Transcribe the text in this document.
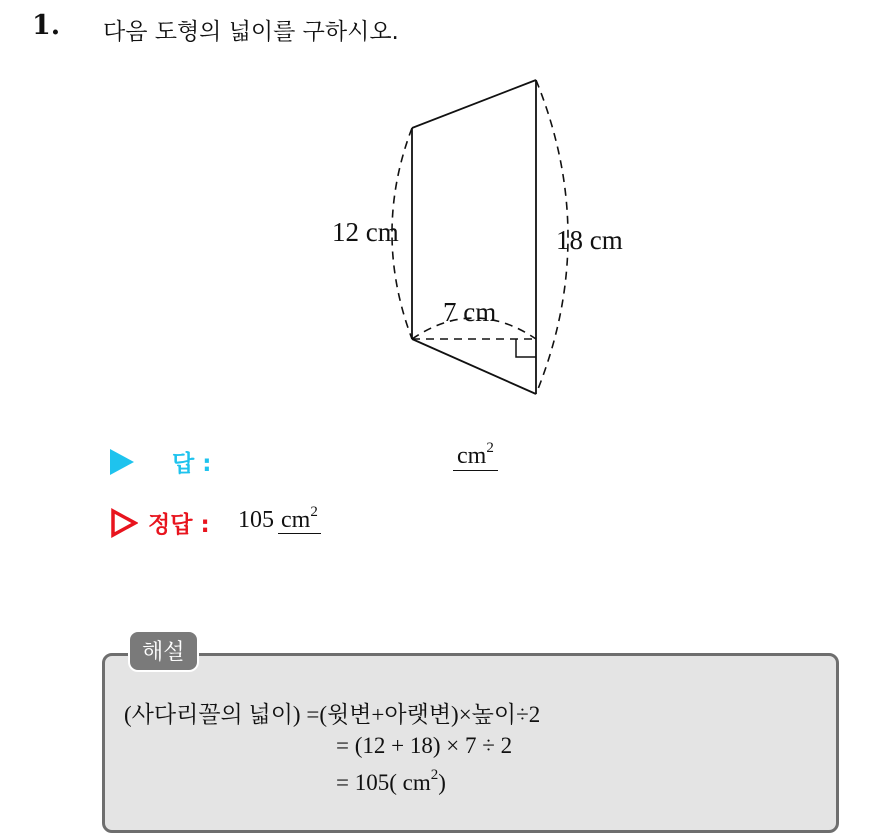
1. 다음 도형의 넓이를 구하시오.
12 cm	18 cm
7 cm
답 :	$cm^2$
정답 : 105 $cm^2$
해설
(사다리꼴의 넓이) =(윗변+아랫변)×높이÷2
= (12 + 18) × 7 ÷ 2
= 105( $cm^2$)
